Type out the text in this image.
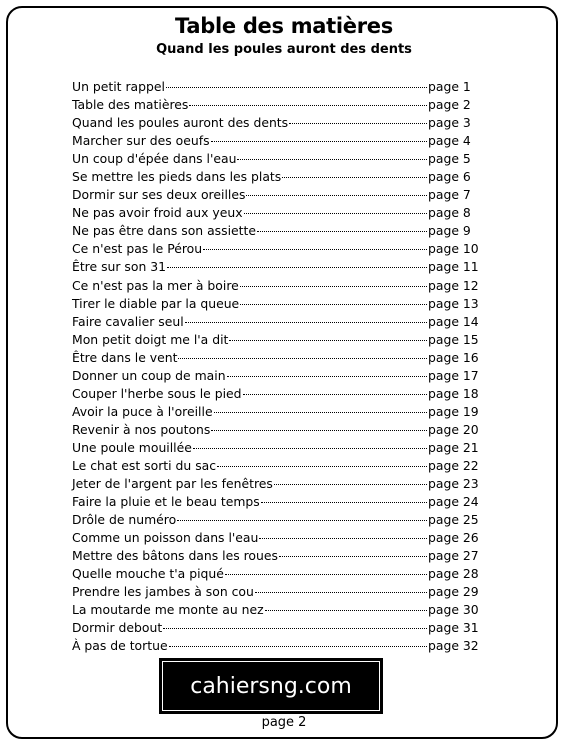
Table des matières
Quand les poules auront des dents
Un petit rappel	page 1
Table des matières	page 2
Quand les poules auront des dents	page 3
Marcher sur des oeufs	page 4
Un coup d'épée dans l'eau	page 5
Se mettre les pieds dans les plats	page 6
Dormir sur ses deux oreilles	page 7
Ne pas avoir froid aux yeux	page 8
Ne pas être dans son assiette	page 9
Ce n'est pas le Pérou	page 10
Être sur son 31	page 11
Ce n'est pas la mer à boire	page 12
Tirer le diable par la queue	page 13
Faire cavalier seul	page 14
Mon petit doigt me l'a dit	page 15
Être dans le vent	page 16
Donner un coup de main	page 17
Couper l'herbe sous le pied	page 18
Avoir la puce à l'oreille	page 19
Revenir à nos poutons	page 20
Une poule mouillée	page 21
Le chat est sorti du sac	page 22
Jeter de l'argent par les fenêtres	page 23
Faire la pluie et le beau temps	page 24
Drôle de numéro	page 25
Comme un poisson dans l'eau	page 26
Mettre des bâtons dans les roues	page 27
Quelle mouche t'a piqué	page 28
Prendre les jambes à son cou	page 29
La moutarde me monte au nez	page 30
Dormir debout	page 31
À pas de tortue	page 32
cahiersng.com
page 2
